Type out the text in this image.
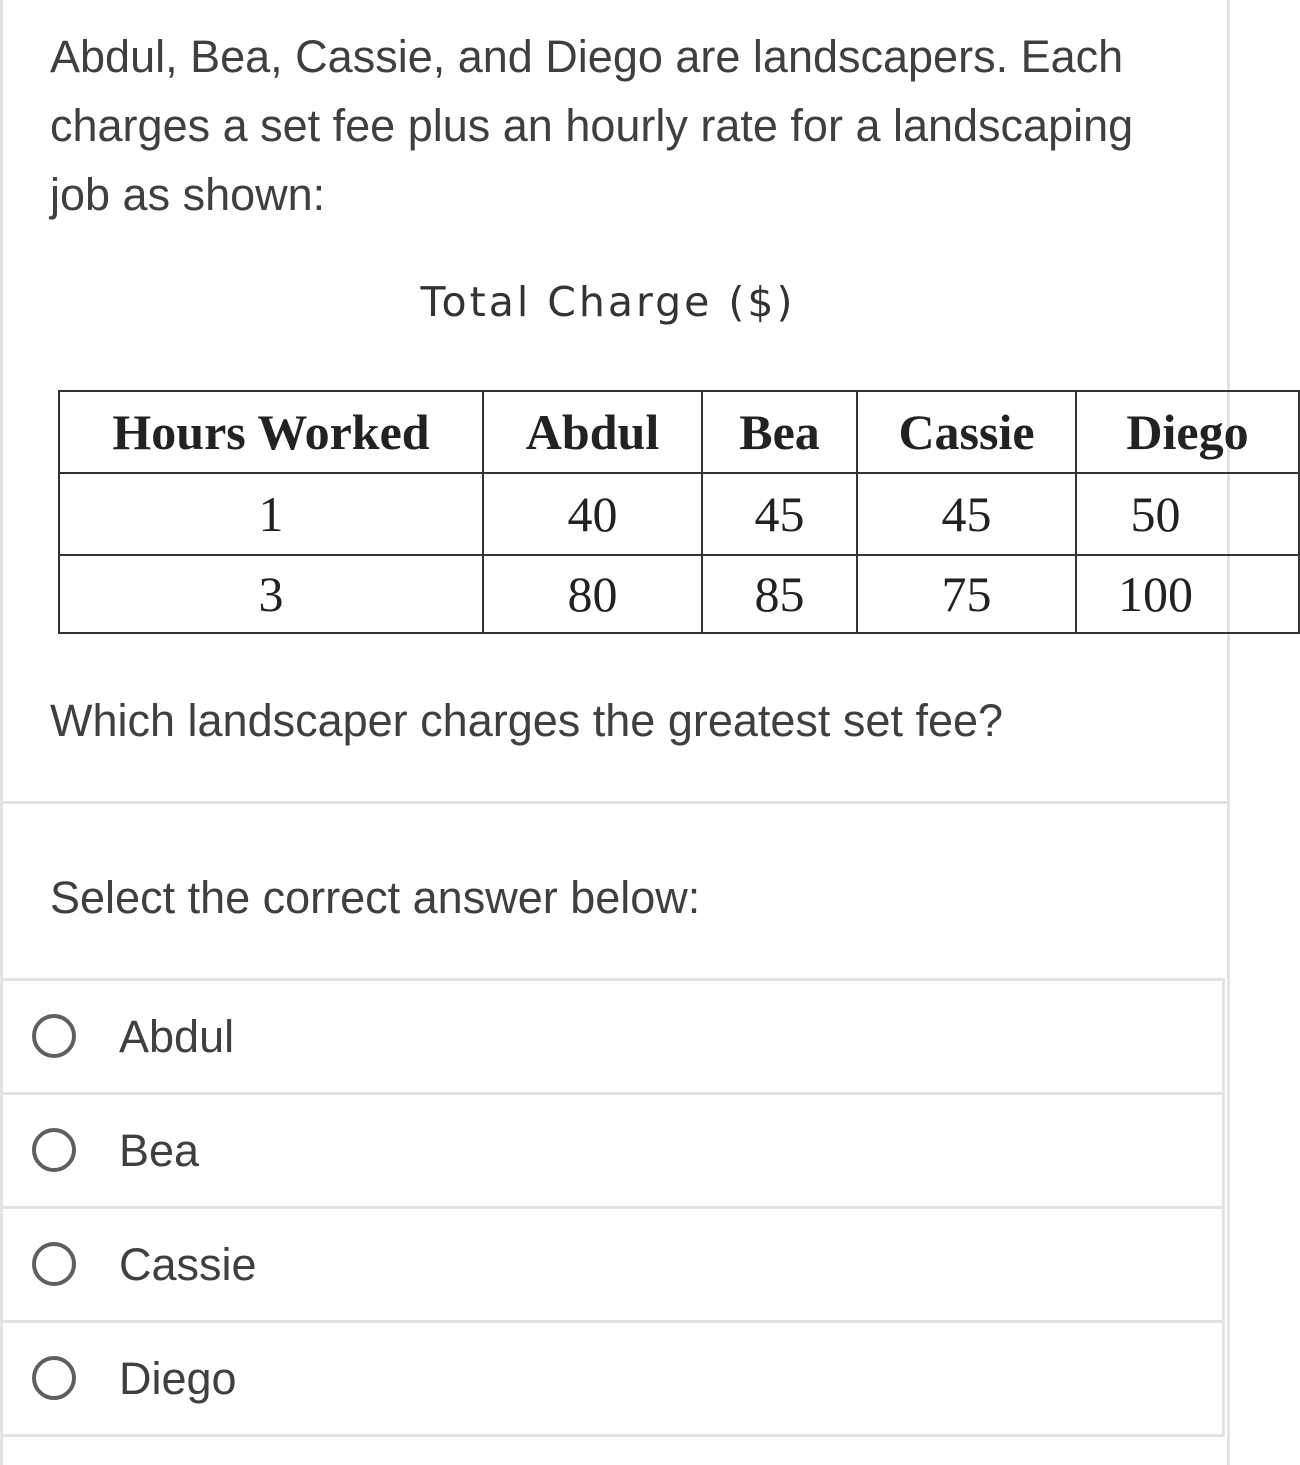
Abdul, Bea, Cassie, and Diego are landscapers. Each charges a set fee plus an hourly rate for a landscaping job as shown:

Total Charge ($)
Hours Worked	Abdul	Bea	Cassie	Diego
1	40	45	45	50
3	80	85	75	100
Which landscaper charges the greatest set fee?
Select the correct answer below:
Abdul
Bea
Cassie
Diego
